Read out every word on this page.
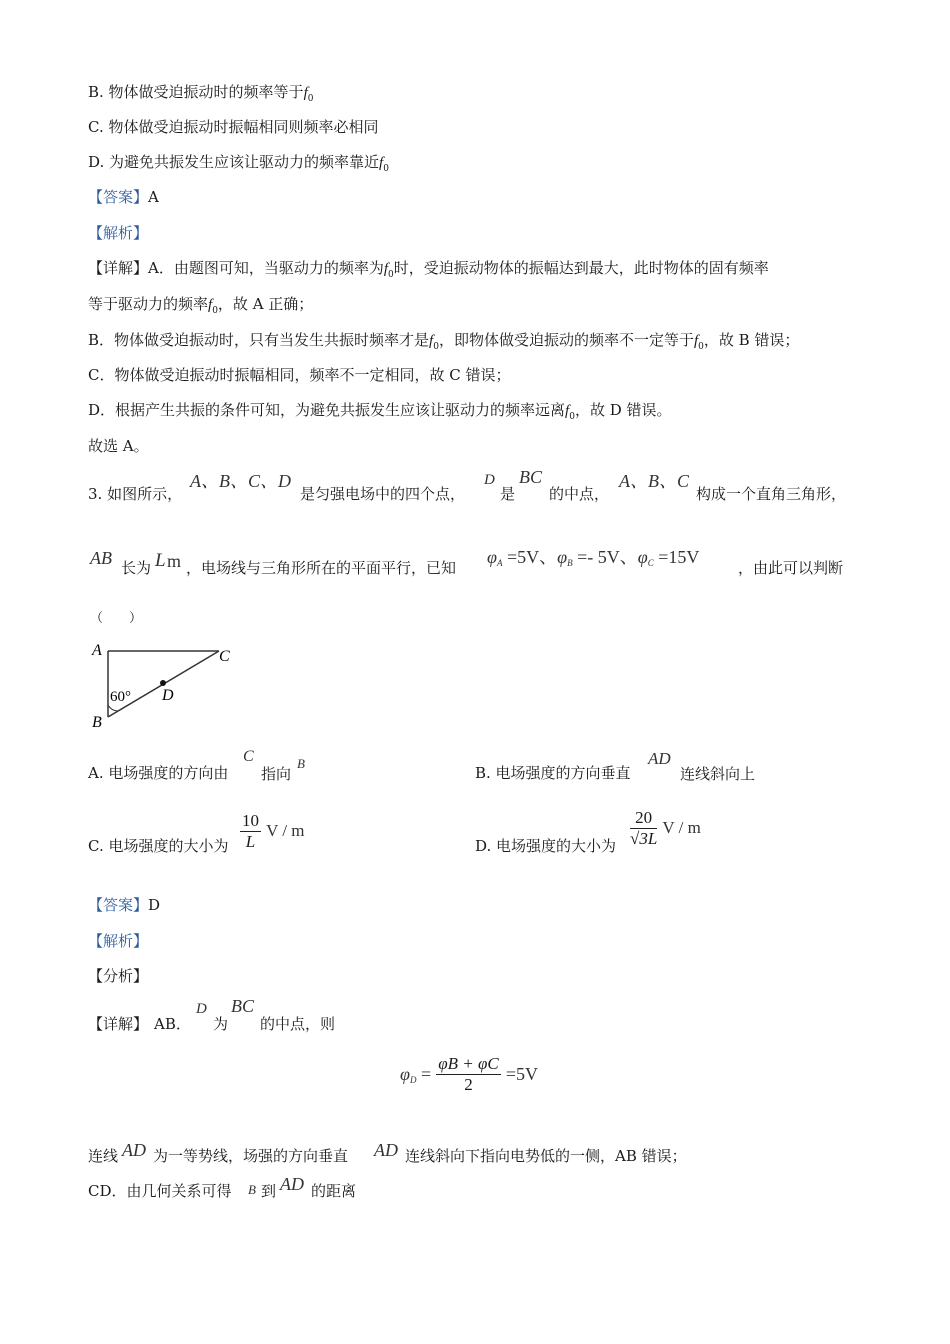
B. 物体做受迫振动时的频率等于$f_0$
C. 物体做受迫振动时振幅相同则频率必相同
D. 为避免共振发生应该让驱动力的频率靠近$f_0$
【答案】A
【解析】
【详解】A．由题图可知，当驱动力的频率为$f_0$时，受迫振动物体的振幅达到最大，此时物体的固有频率
等于驱动力的频率$f_0$，故 A 正确；
B．物体做受迫振动时，只有当发生共振时频率才是$f_0$，即物体做受迫振动的频率不一定等于$f_0$，故 B 错误；
C．物体做受迫振动时振幅相同，频率不一定相同，故 C 错误；
D．根据产生共振的条件可知，为避免共振发生应该让驱动力的频率远离$f_0$，故 D 错误。
故选 A。
3. 如图所示，
A、B、C、D
是匀强电场中的四个点，
D
是
BC
的中点，
A、B、C
构成一个直角三角形，
AB 长为 L m ，电场线与三角形所在的平面平行，已知
$\varphi_A =5V$、$\varphi_B =- 5V$、$\varphi_C =15V$
，由此可以判断
（　　）
A
B
C
D
60°
A. 电场强度的方向由
C
指向
B
B. 电场强度的方向垂直
AD
连线斜向上
C. 电场强度的大小为 $\frac{10}{L}$ V / m
D. 电场强度的大小为 $\frac{20}{√3L}$ V / m
【答案】D
【解析】
【分析】
【详解】 AB．
D
为
BC
的中点，则
$\varphi_D = \frac{\varphi B + \varphi C}{2} =5V$
连线 AD 为一等势线，场强的方向垂直 AD 连线斜向下指向电势低的一侧，AB 错误；
CD．由几何关系可得 B 到 AD 的距离
